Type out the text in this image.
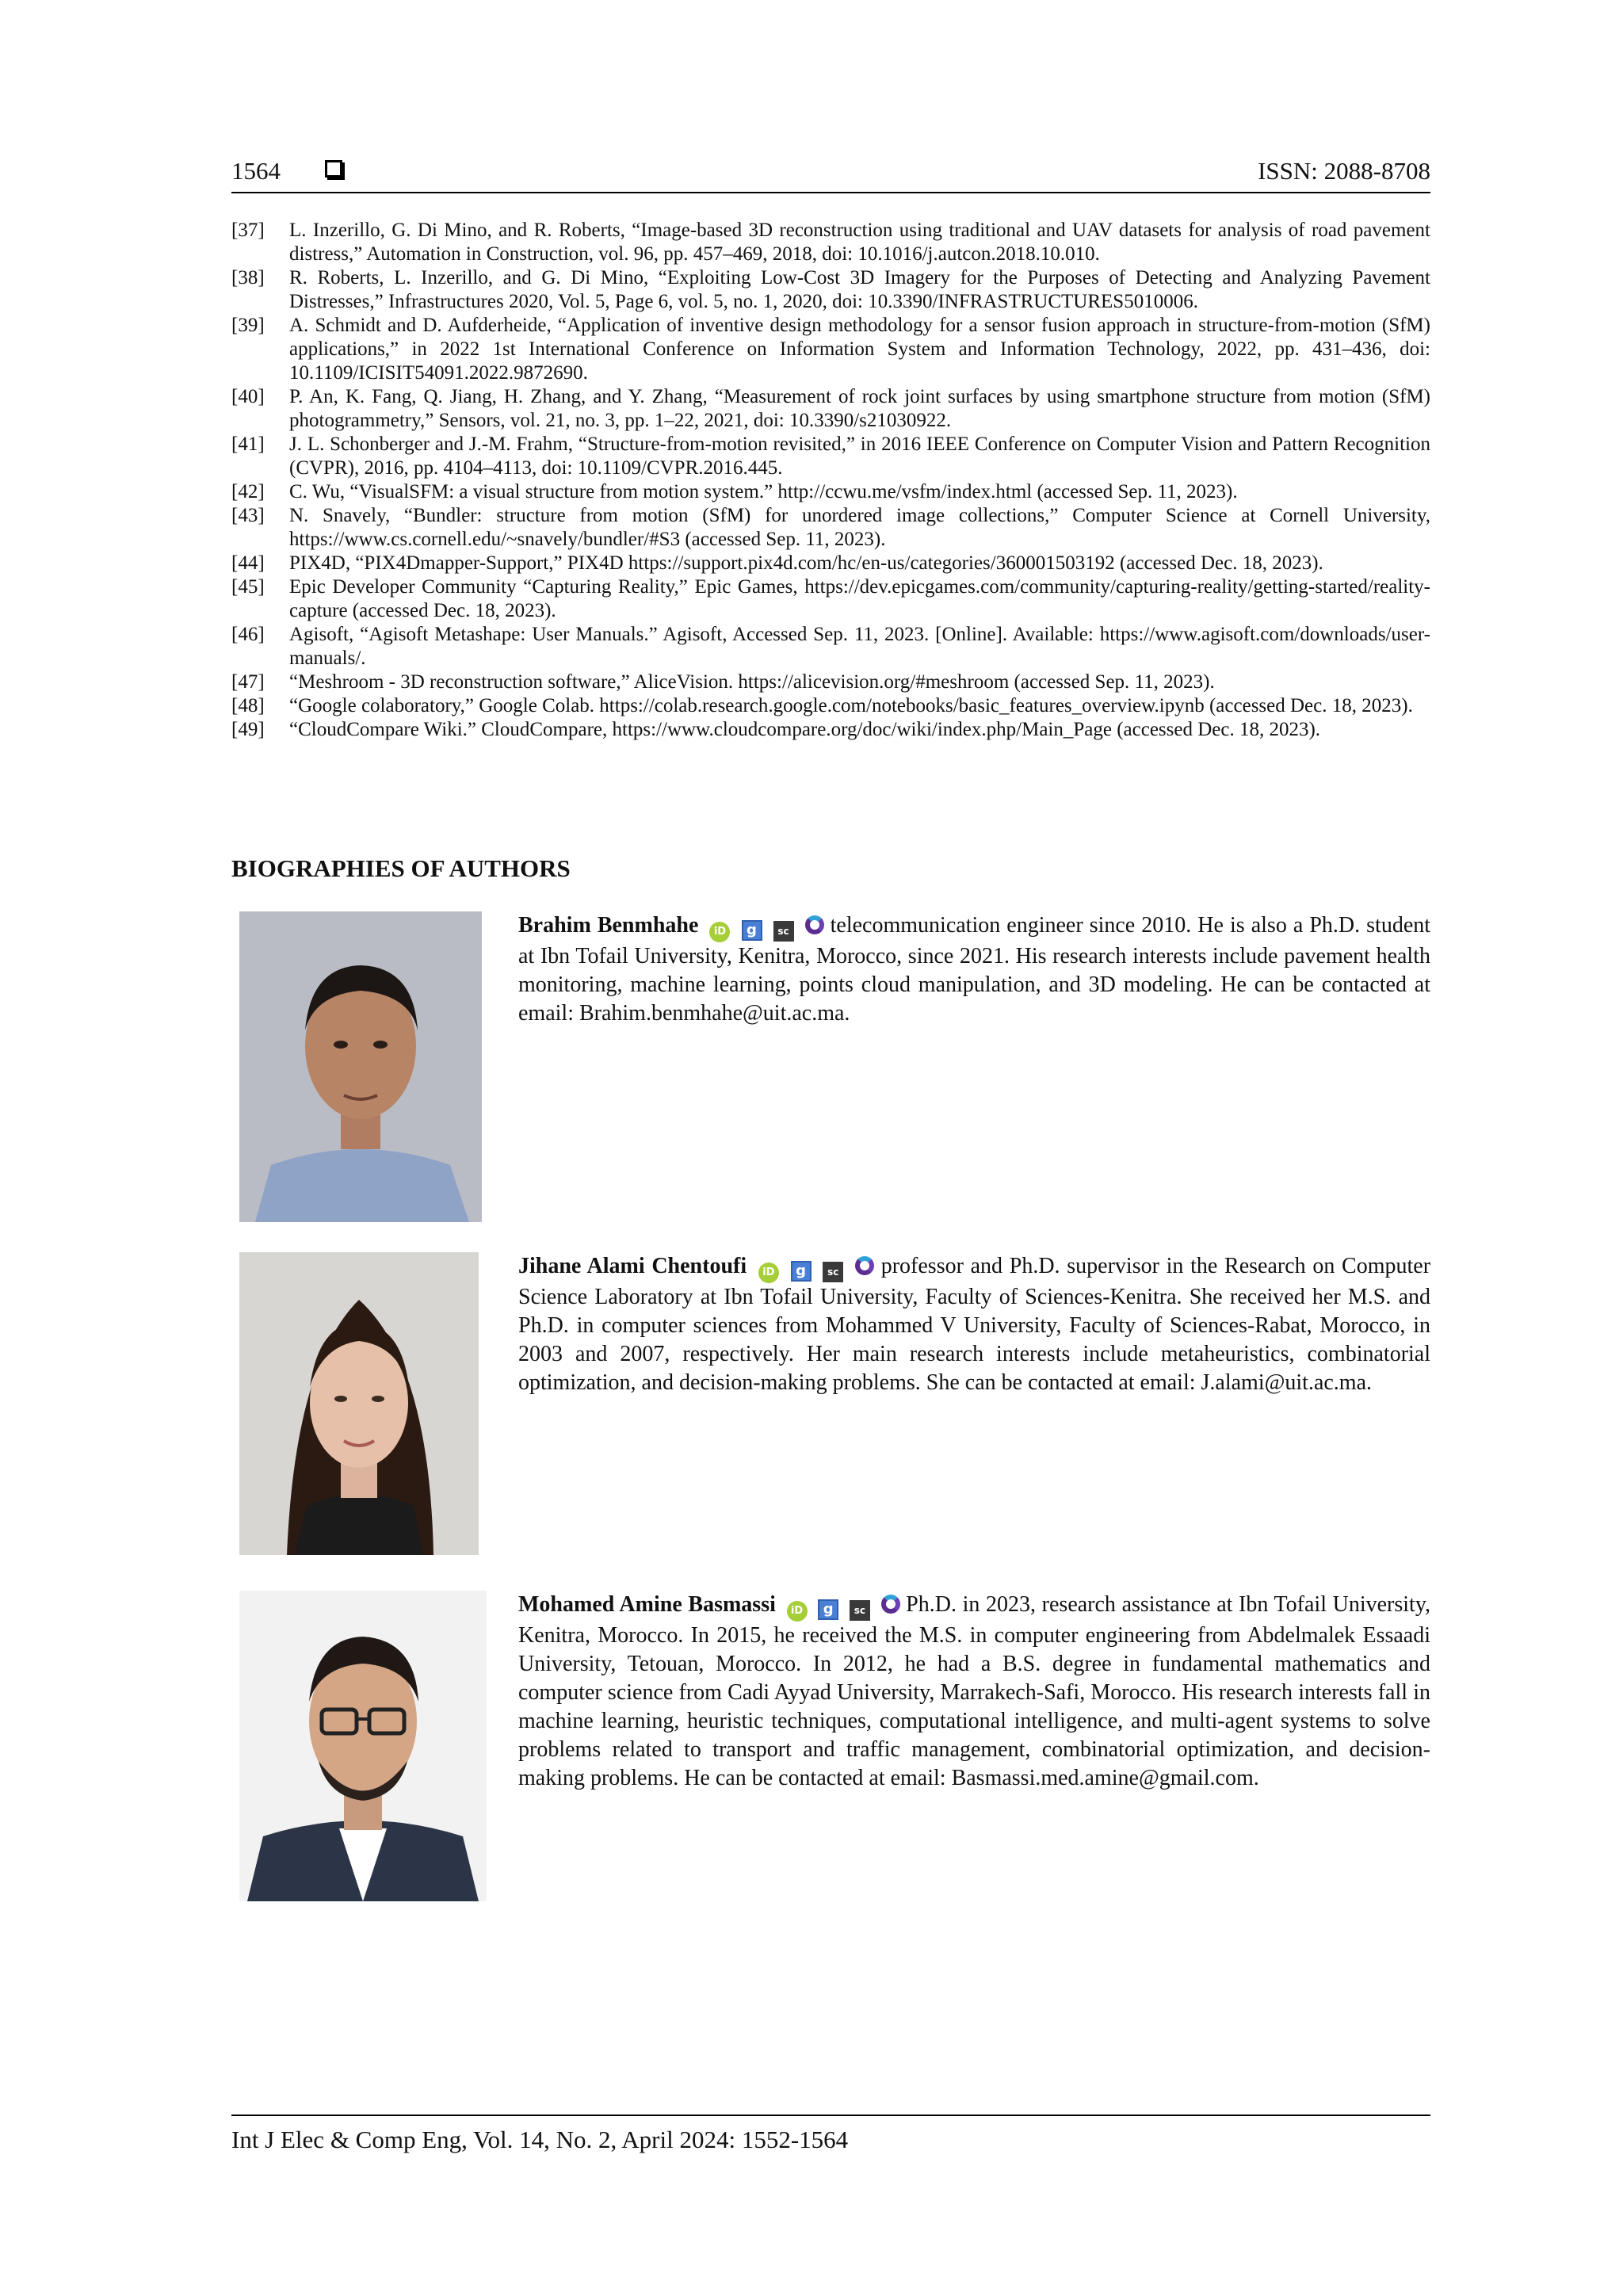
1564	ISSN: 2088-8708
[37]	L. Inzerillo, G. Di Mino, and R. Roberts, “Image-based 3D reconstruction using traditional and UAV datasets for analysis of road pavement distress,” Automation in Construction, vol. 96, pp. 457–469, 2018, doi: 10.1016/j.autcon.2018.10.010.
[38]	R. Roberts, L. Inzerillo, and G. Di Mino, “Exploiting Low-Cost 3D Imagery for the Purposes of Detecting and Analyzing Pavement Distresses,” Infrastructures 2020, Vol. 5, Page 6, vol. 5, no. 1, 2020, doi: 10.3390/INFRASTRUCTURES5010006.
[39]	A. Schmidt and D. Aufderheide, “Application of inventive design methodology for a sensor fusion approach in structure-from-motion (SfM) applications,” in 2022 1st International Conference on Information System and Information Technology, 2022, pp. 431–436, doi: 10.1109/ICISIT54091.2022.9872690.
[40]	P. An, K. Fang, Q. Jiang, H. Zhang, and Y. Zhang, “Measurement of rock joint surfaces by using smartphone structure from motion (SfM) photogrammetry,” Sensors, vol. 21, no. 3, pp. 1–22, 2021, doi: 10.3390/s21030922.
[41]	J. L. Schonberger and J.-M. Frahm, “Structure-from-motion revisited,” in 2016 IEEE Conference on Computer Vision and Pattern Recognition (CVPR), 2016, pp. 4104–4113, doi: 10.1109/CVPR.2016.445.
[42]	C. Wu, “VisualSFM: a visual structure from motion system.” http://ccwu.me/vsfm/index.html (accessed Sep. 11, 2023).
[43]	N. Snavely, “Bundler: structure from motion (SfM) for unordered image collections,” Computer Science at Cornell University, https://www.cs.cornell.edu/~snavely/bundler/#S3 (accessed Sep. 11, 2023).
[44]	PIX4D, “PIX4Dmapper-Support,” PIX4D https://support.pix4d.com/hc/en-us/categories/360001503192 (accessed Dec. 18, 2023).
[45]	Epic Developer Community “Capturing Reality,” Epic Games, https://dev.epicgames.com/community/capturing-reality/getting-started/reality-capture (accessed Dec. 18, 2023).
[46]	Agisoft, “Agisoft Metashape: User Manuals.” Agisoft, Accessed Sep. 11, 2023. [Online]. Available: https://www.agisoft.com/downloads/user-manuals/.
[47]	“Meshroom - 3D reconstruction software,” AliceVision. https://alicevision.org/#meshroom (accessed Sep. 11, 2023).
[48]	“Google colaboratory,” Google Colab. https://colab.research.google.com/notebooks/basic_features_overview.ipynb (accessed Dec. 18, 2023).
[49]	“CloudCompare Wiki.” CloudCompare, https://www.cloudcompare.org/doc/wiki/index.php/Main_Page (accessed Dec. 18, 2023).
BIOGRAPHIES OF AUTHORS
Brahim Benmhahe iD g sc telecommunication engineer since 2010. He is also a Ph.D. student at Ibn Tofail University, Kenitra, Morocco, since 2021. His research interests include pavement health monitoring, machine learning, points cloud manipulation, and 3D modeling. He can be contacted at email: Brahim.benmhahe@uit.ac.ma.
Jihane Alami Chentoufi iD g sc professor and Ph.D. supervisor in the Research on Computer Science Laboratory at Ibn Tofail University, Faculty of Sciences-Kenitra. She received her M.S. and Ph.D. in computer sciences from Mohammed V University, Faculty of Sciences-Rabat, Morocco, in 2003 and 2007, respectively. Her main research interests include metaheuristics, combinatorial optimization, and decision-making problems. She can be contacted at email: J.alami@uit.ac.ma.
Mohamed Amine Basmassi iD g sc Ph.D. in 2023, research assistance at Ibn Tofail University, Kenitra, Morocco. In 2015, he received the M.S. in computer engineering from Abdelmalek Essaadi University, Tetouan, Morocco. In 2012, he had a B.S. degree in fundamental mathematics and computer science from Cadi Ayyad University, Marrakech-Safi, Morocco. His research interests fall in machine learning, heuristic techniques, computational intelligence, and multi-agent systems to solve problems related to transport and traffic management, combinatorial optimization, and decision-making problems. He can be contacted at email: Basmassi.med.amine@gmail.com.
Int J Elec & Comp Eng, Vol. 14, No. 2, April 2024: 1552-1564
